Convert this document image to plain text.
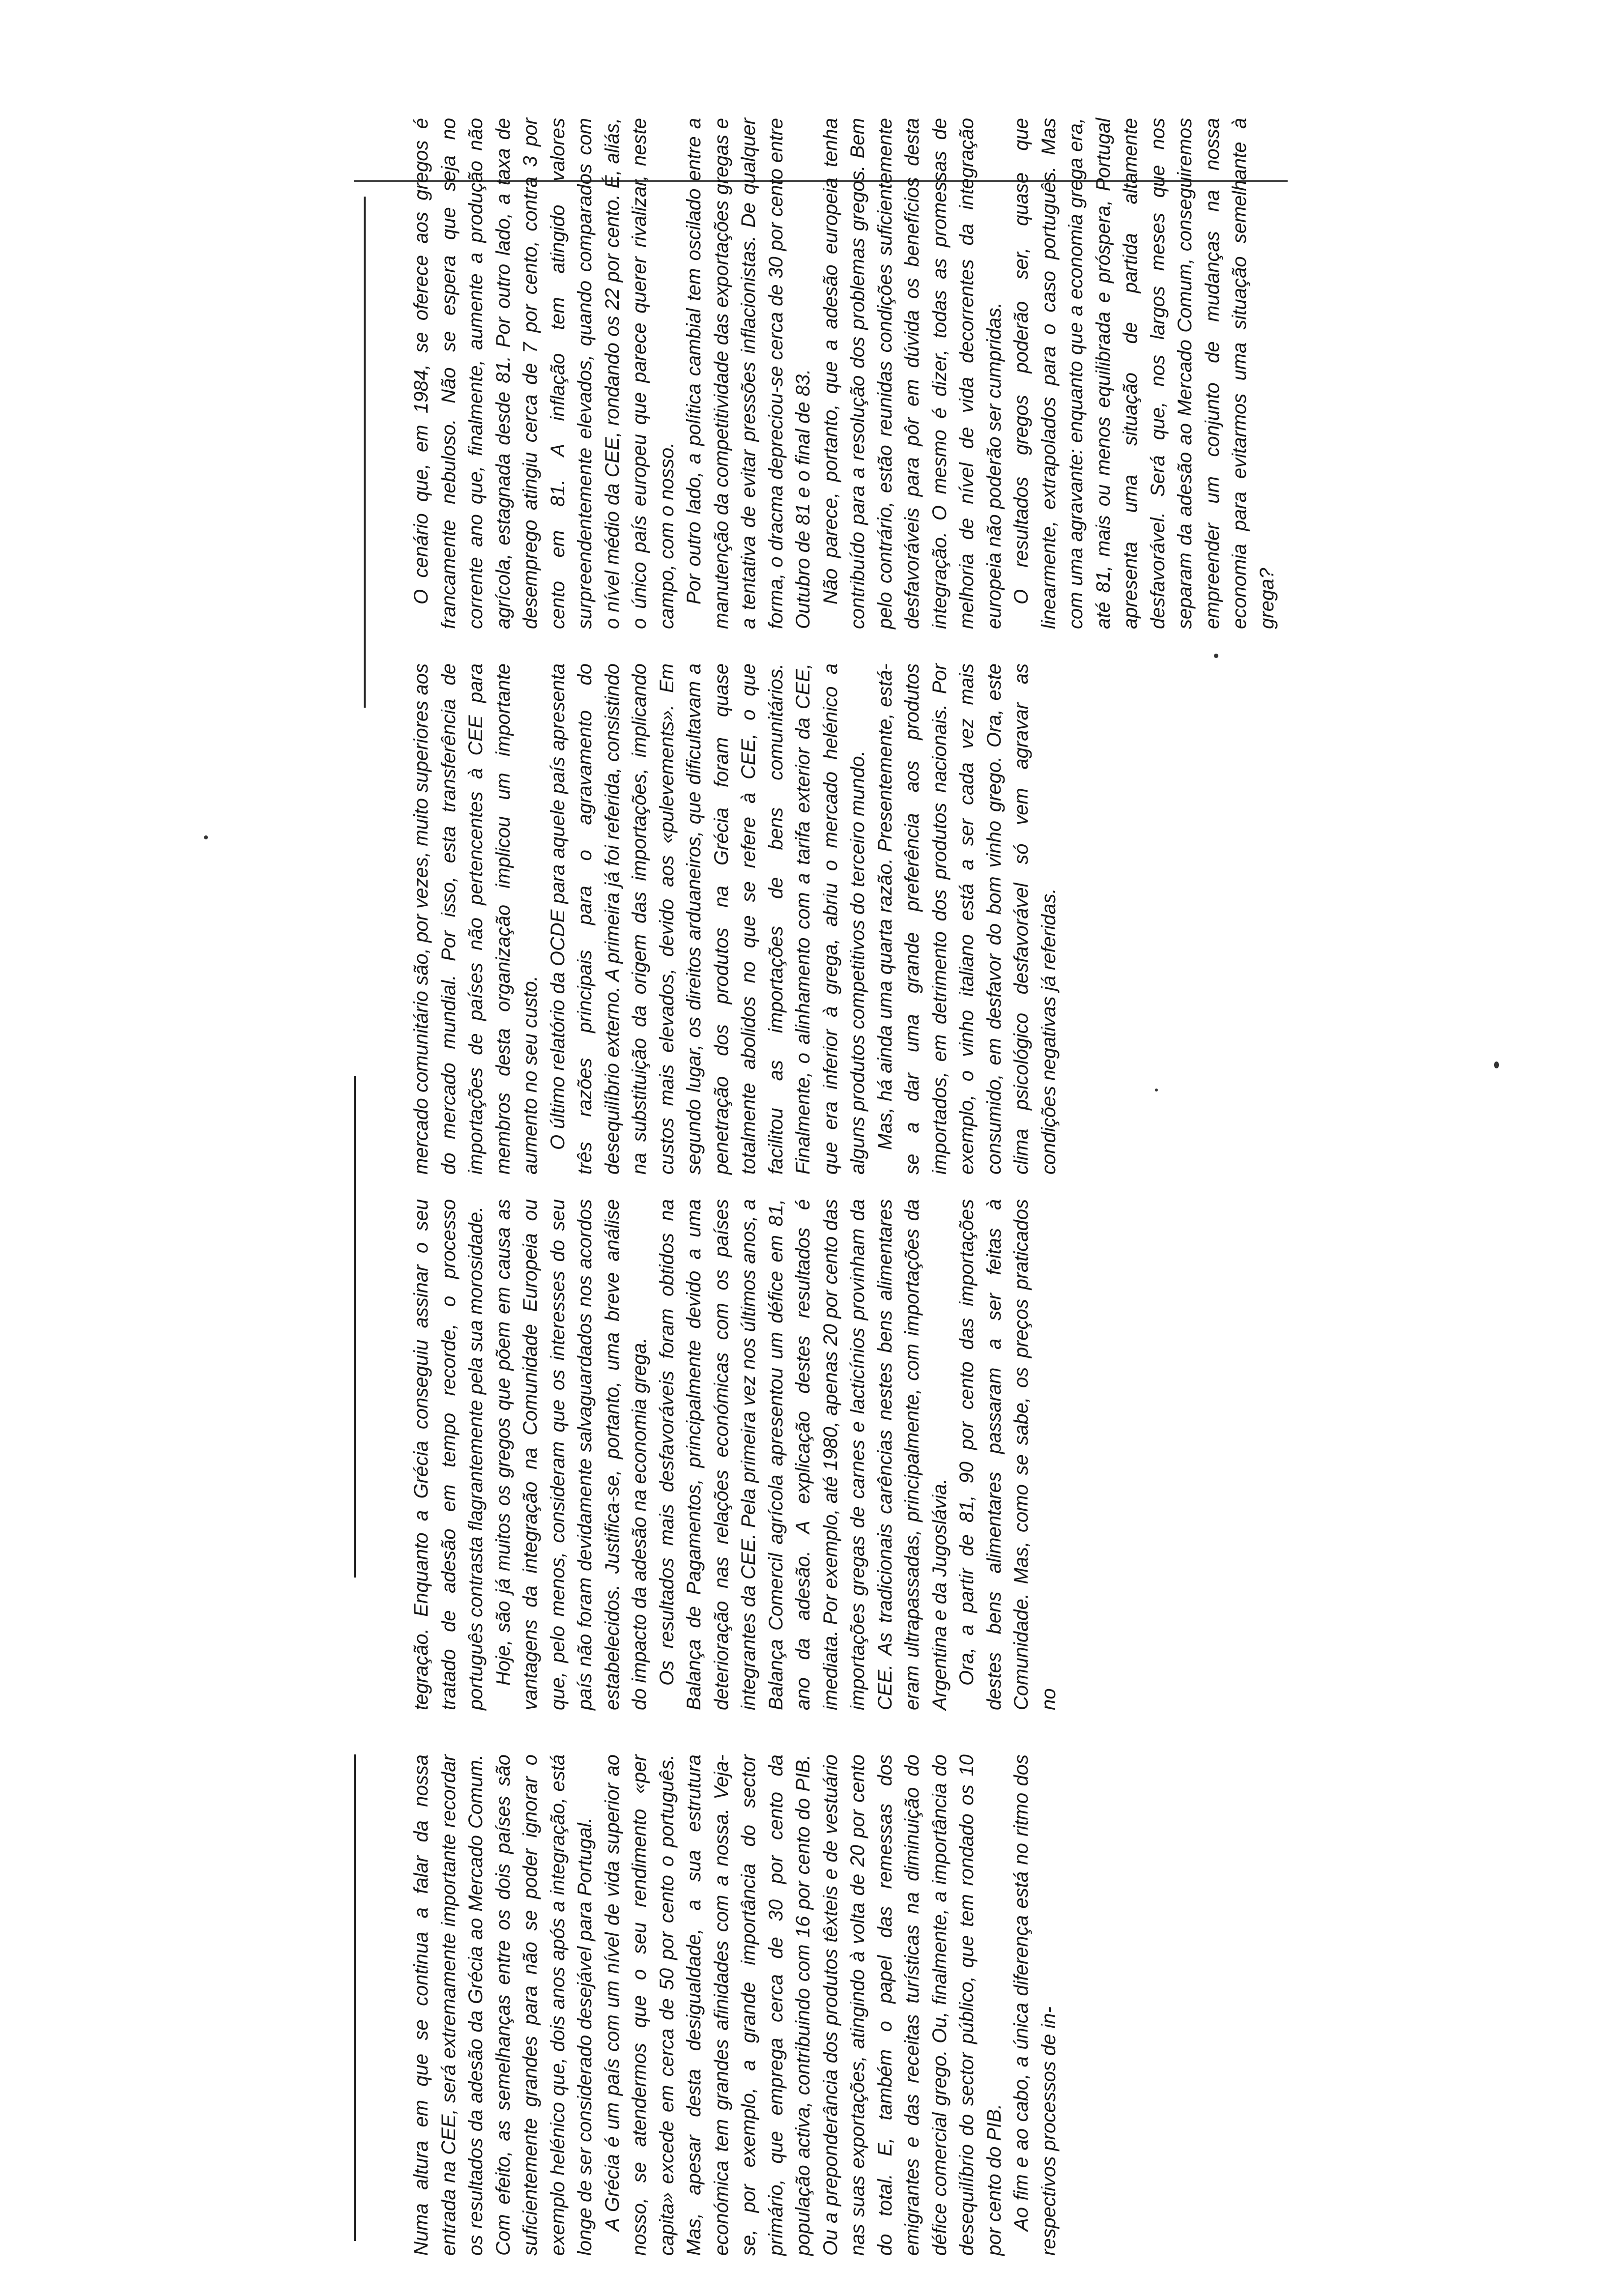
Numa altura em que se continua a falar da nossa entrada na CEE, será extremamente importante recordar os resultados da adesão da Grécia ao Mercado Comum. Com efeito, as semelhanças entre os dois países são suficientemente grandes para não se poder ignorar o exemplo helénico que, dois anos após a integração, está longe de ser considerado desejável para Portugal. A Grécia é um país com um nível de vida superior ao nosso, se atendermos que o seu rendimento «per capita» excede em cerca de 50 por cento o português. Mas, apesar desta desigualdade, a sua estrutura económica tem grandes afinidades com a nossa. Veja-se, por exemplo, a grande importância do sector primário, que emprega cerca de 30 por cento da população activa, contribuindo com 16 por cento do PIB. Ou a preponderância dos produtos têxteis e de vestuário nas suas exportações, atingindo à volta de 20 por cento do total. E, também o papel das remessas dos emigrantes e das receitas turísticas na diminuição do défice comercial grego. Ou, finalmente, a importância do desequilíbrio do sector público, que tem rondado os 10 por cento do PIB. Ao fim e ao cabo, a única diferença está no ritmo dos respectivos processos de in-

tegração. Enquanto a Grécia conseguiu assinar o seu tratado de adesão em tempo recorde, o processo português contrasta flagrantemente pela sua morosidade. Hoje, são já muitos os gregos que põem em causa as vantagens da integração na Comunidade Europeia ou que, pelo menos, consideram que os interesses do seu país não foram devidamente salvaguardados nos acordos estabelecidos. Justifica-se, portanto, uma breve análise do impacto da adesão na economia grega. Os resultados mais desfavoráveis foram obtidos na Balança de Pagamentos, principalmente devido a uma deterioração nas relações económicas com os países integrantes da CEE. Pela primeira vez nos últimos anos, a Balança Comercil agrícola apresentou um défice em 81, ano da adesão. A explicação destes resultados é imediata. Por exemplo, até 1980, apenas 20 por cento das importações gregas de carnes e lacticínios provinham da CEE. As tradicionais carências nestes bens alimentares eram ultrapassadas, principalmente, com importações da Argentina e da Jugoslávia. Ora, a partir de 81, 90 por cento das importações destes bens alimentares passaram a ser feitas à Comunidade. Mas, como se sabe, os preços praticados no

mercado comunitário são, por vezes, muito superiores aos do mercado mundial. Por isso, esta transferência de importações de países não pertencentes à CEE para membros desta organização implicou um importante aumento no seu custo. O último relatório da OCDE para aquele país apresenta três razões principais para o agravamento do desequilíbrio externo. A primeira já foi referida, consistindo na substituição da origem das importações, implicando custos mais elevados, devido aos «pulevements». Em segundo lugar, os direitos arduaneiros, que dificultavam a penetração dos produtos na Grécia foram quase totalmente abolidos no que se refere à CEE, o que facilitou as importações de bens comunitários. Finalmente, o alinhamento com a tarifa exterior da CEE, que era inferior à grega, abriu o mercado helénico a alguns produtos competitivos do terceiro mundo. Mas, há ainda uma quarta razão. Presentemente, está-se a dar uma grande preferência aos produtos importados, em detrimento dos produtos nacionais. Por exemplo, o vinho italiano está a ser cada vez mais consumido, em desfavor do bom vinho grego. Ora, este clima psicológico desfavorável só vem agravar as condições negativas já referidas.

O cenário que, em 1984, se oferece aos gregos é francamente nebuloso. Não se espera que seja no corrente ano que, finalmente, aumente a produção não agrícola, estagnada desde 81. Por outro lado, a taxa de desemprego atingiu cerca de 7 por cento, contra 3 por cento em 81. A inflação tem atingido valores surpreendentemente elevados, quando comparados com o nível médio da CEE, rondando os 22 por cento. É, aliás, o único país europeu que parece querer rivalizar, neste campo, com o nosso. Por outro lado, a política cambial tem oscilado entre a manutenção da competitividade das exportações gregas e a tentativa de evitar pressões inflacionistas. De qualquer forma, o dracma depreciou-se cerca de 30 por cento entre Outubro de 81 e o final de 83. Não parece, portanto, que a adesão europeia tenha contribuído para a resolução dos problemas gregos. Bem pelo contrário, estão reunidas condições suficientemente desfavoráveis para pôr em dúvida os benefícios desta integração. O mesmo é dizer, todas as promessas de melhoria de nível de vida decorrentes da integração europeia não poderão ser cumpridas. O resultados gregos poderão ser, quase que linearmente, extrapolados para o caso português. Mas com uma agravante: enquanto que a economia grega era, até 81, mais ou menos equilibrada e próspera, Portugal apresenta uma situação de partida altamente desfavorável. Será que, nos largos meses que nos separam da adesão ao Mercado Comum, conseguiremos empreender um conjunto de mudanças na nossa economia para evitarmos uma situação semelhante à grega?
